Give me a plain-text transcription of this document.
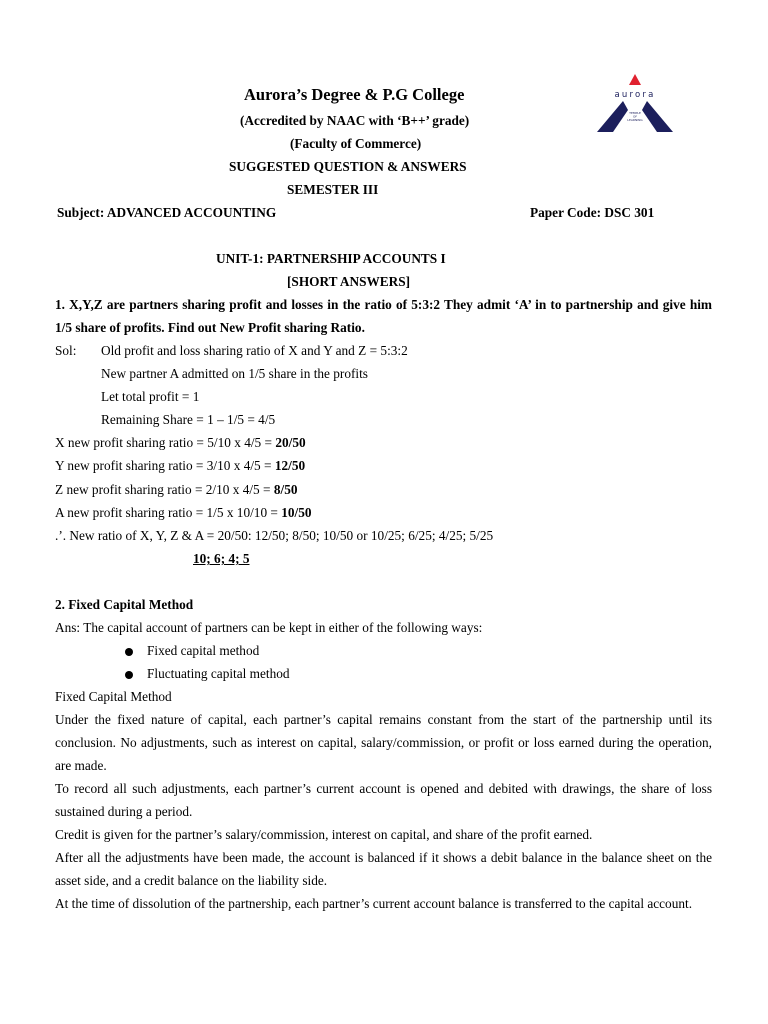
Aurora’s Degree & P.G College
(Accredited by NAAC with ‘B++’ grade)
(Faculty of Commerce)
SUGGESTED QUESTION & ANSWERS
SEMESTER III
Subject: ADVANCED ACCOUNTING	Paper Code: DSC 301
aurora
TEMPLE
OF
LEARNING
UNIT-1: PARTNERSHIP ACCOUNTS I
[SHORT ANSWERS]
1. X,Y,Z are partners sharing profit and losses in the ratio of 5:3:2 They admit ‘A’ in to partnership and give him 1/5 share of profits. Find out New Profit sharing Ratio.
Sol: Old profit and loss sharing ratio of X and Y and Z = 5:3:2
New partner A admitted on 1/5 share in the profits
Let total profit = 1
Remaining Share = 1 – 1/5 = 4/5
X new profit sharing ratio = 5/10 x 4/5 = 20/50
Y new profit sharing ratio = 3/10 x 4/5 = 12/50
Z new profit sharing ratio = 2/10 x 4/5 = 8/50
A new profit sharing ratio = 1/5 x 10/10 = 10/50
.’. New ratio of X, Y, Z & A = 20/50: 12/50; 8/50; 10/50 or 10/25; 6/25; 4/25; 5/25
10; 6; 4; 5
2. Fixed Capital Method
Ans: The capital account of partners can be kept in either of the following ways:
Fixed capital method
Fluctuating capital method
Fixed Capital Method
Under the fixed nature of capital, each partner’s capital remains constant from the start of the partnership until its conclusion. No adjustments, such as interest on capital, salary/commission, or profit or loss earned during the operation, are made.
To record all such adjustments, each partner’s current account is opened and debited with drawings, the share of loss sustained during a period.
Credit is given for the partner’s salary/commission, interest on capital, and share of the profit earned.
After all the adjustments have been made, the account is balanced if it shows a debit balance in the balance sheet on the asset side, and a credit balance on the liability side.
At the time of dissolution of the partnership, each partner’s current account balance is transferred to the capital account.
